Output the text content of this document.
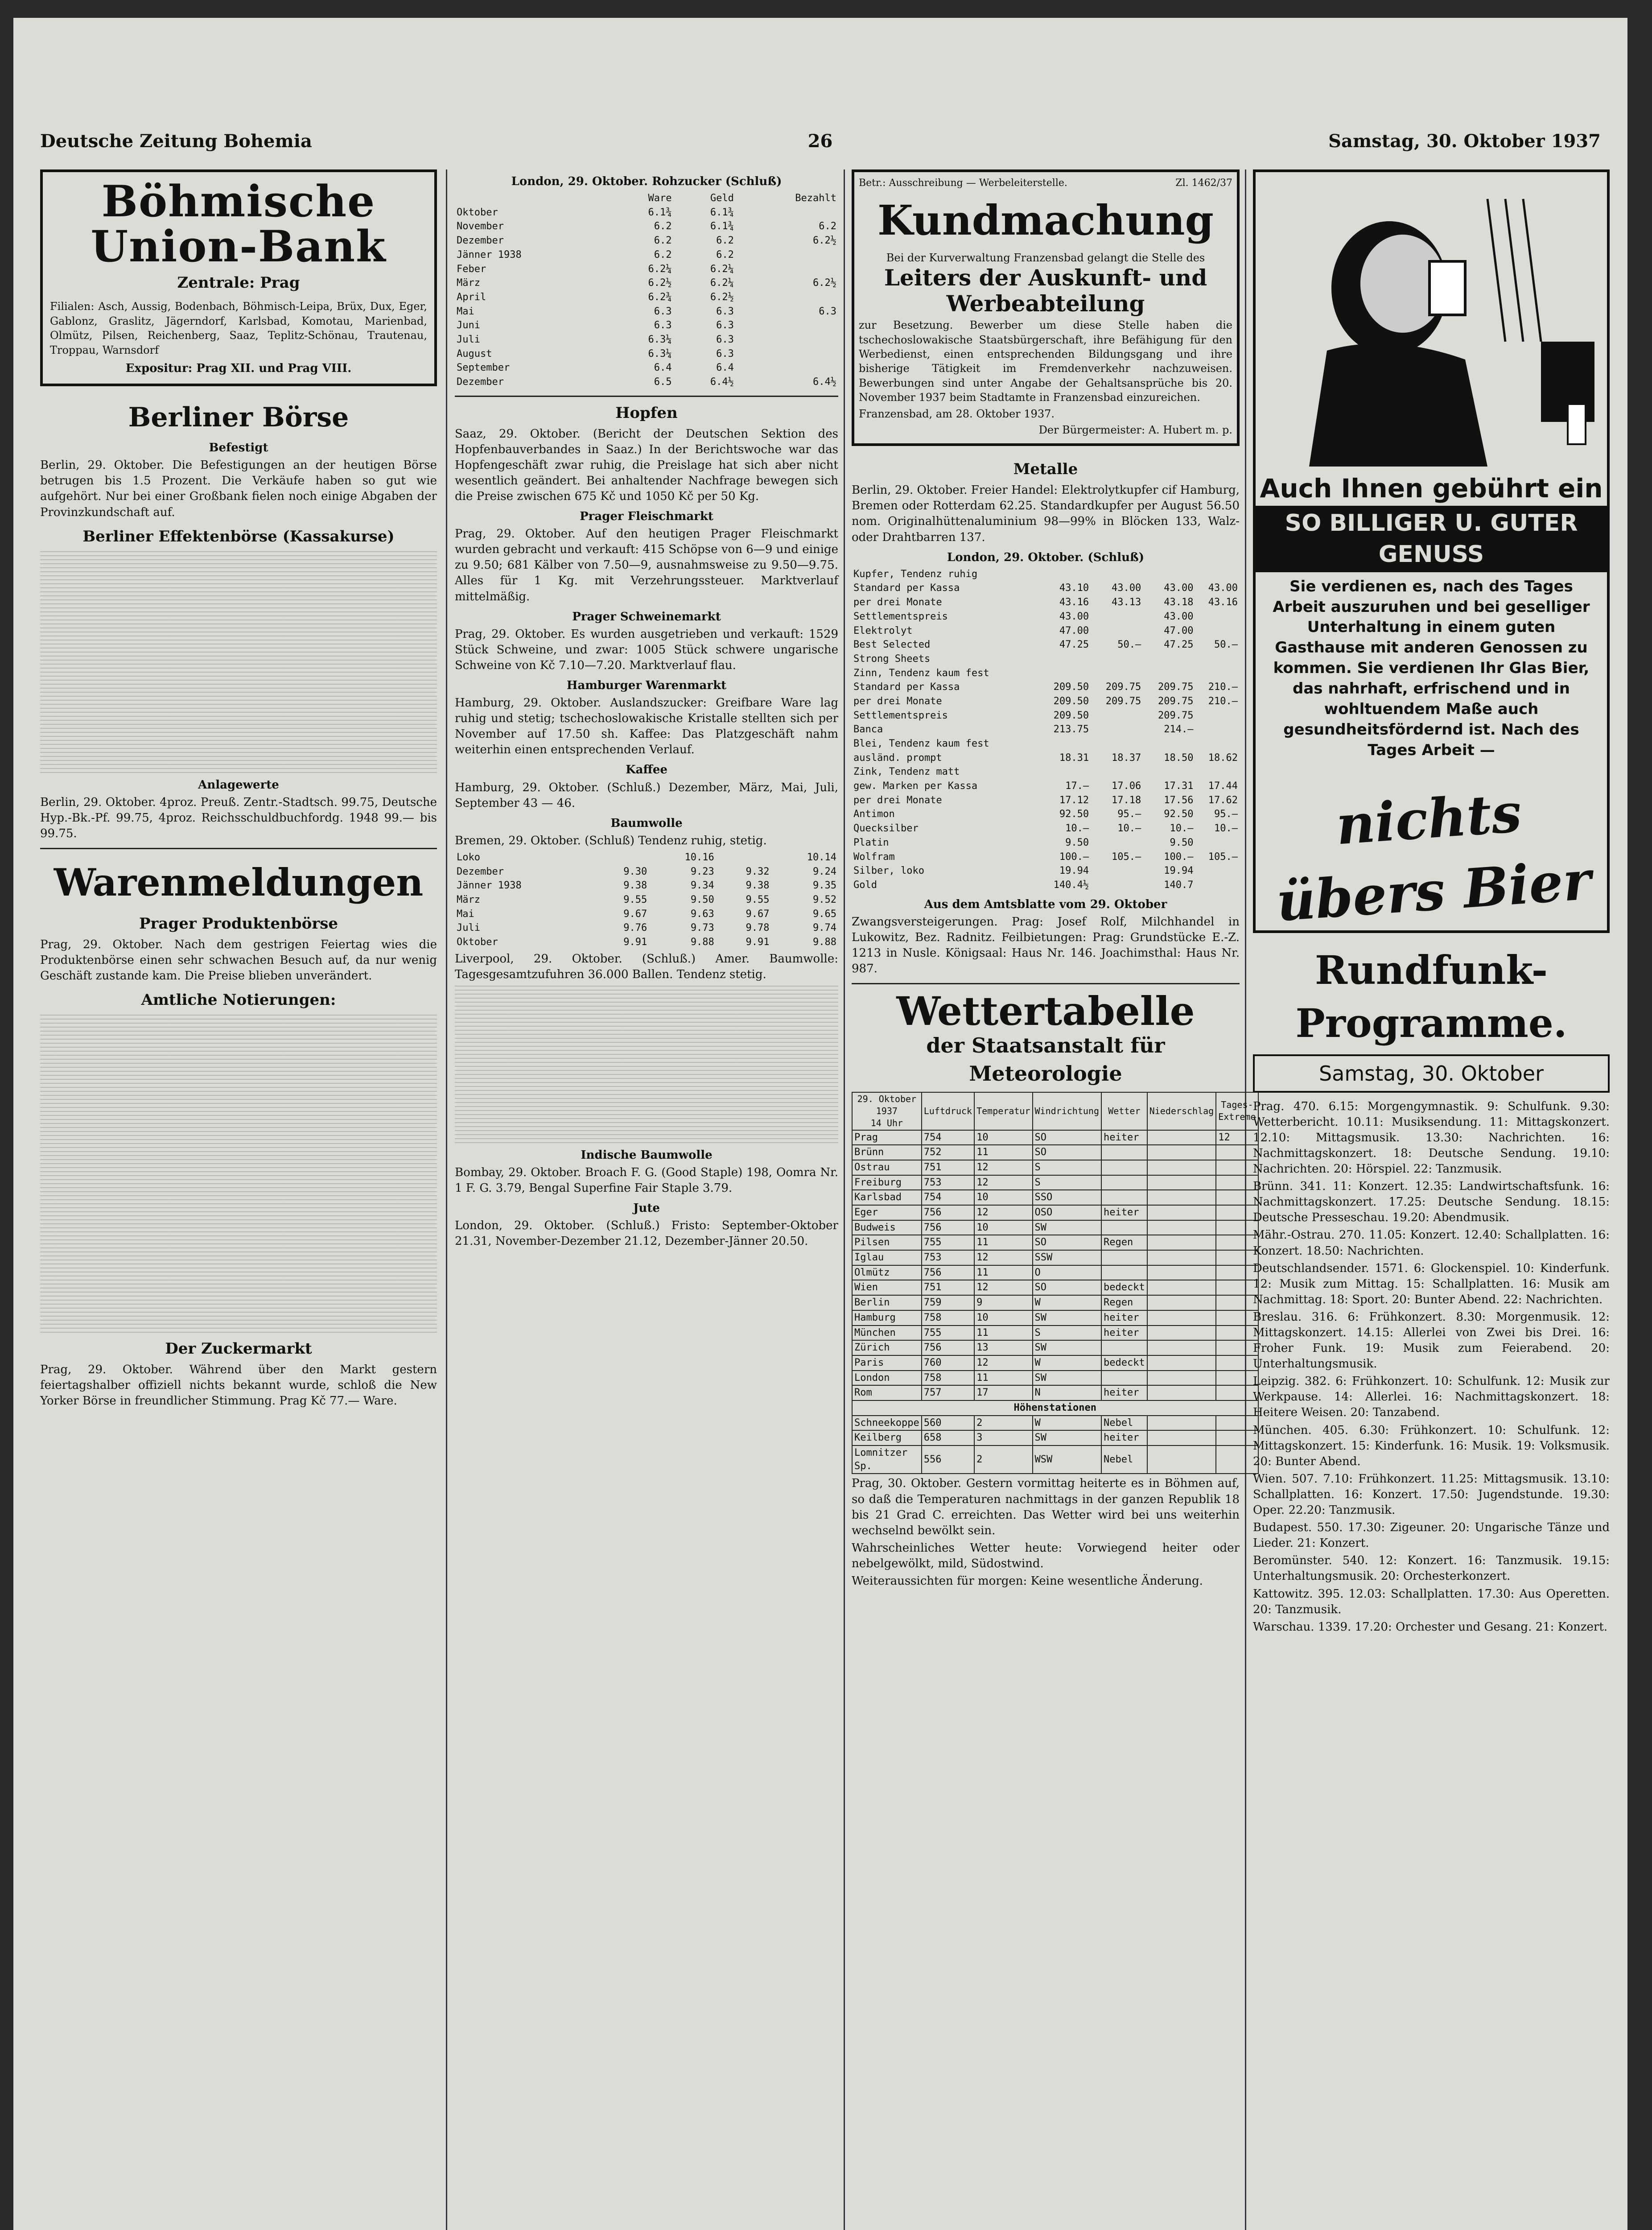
Deutsche Zeitung Bohemia	26	Samstag, 30. Oktober 1937
Böhmische Union-Bank
Zentrale: Prag
Filialen: Asch, Aussig, Bodenbach, Böhmisch-Leipa, Brüx, Dux, Eger, Gablonz, Graslitz, Jägerndorf, Karlsbad, Komotau, Marienbad, Olmütz, Pilsen, Reichenberg, Saaz, Teplitz-Schönau, Trautenau, Troppau, Warnsdorf
Expositur: Prag XII. und Prag VIII.
Berliner Börse
Befestigt

Berlin, 29. Oktober. Die Befestigungen an der heutigen Börse betrugen bis 1.5 Prozent. Die Verkäufe haben so gut wie aufgehört. Nur bei einer Großbank fielen noch einige Abgaben der Provinzkundschaft auf.

Berliner Effektenbörse (Kassakurse)
Anlagewerte

Berlin, 29. Oktober. 4proz. Preuß. Zentr.-Stadtsch. 99.75, Deutsche Hyp.-Bk.-Pf. 99.75, 4proz. Reichsschuldbuchfordg. 1948 99.— bis 99.75.

Warenmeldungen
Prager Produktenbörse

Prag, 29. Oktober. Nach dem gestrigen Feiertag wies die Produktenbörse einen sehr schwachen Besuch auf, da nur wenig Geschäft zustande kam. Die Preise blieben unverändert.

Amtliche Notierungen:
Der Zuckermarkt

Prag, 29. Oktober. Während über den Markt gestern feiertagshalber offiziell nichts bekannt wurde, schloß die New Yorker Börse in freundlicher Stimmung. Prag Kč 77.— Ware.

London, 29. Oktober. Rohzucker (Schluß)
	Ware	Geld	Bezahlt
Oktober	6.1¾	6.1¾	
November	6.2	6.1¾	6.2
Dezember	6.2	6.2	6.2½
Jänner 1938	6.2	6.2	
Feber	6.2¼	6.2¼	
März	6.2½	6.2¼	6.2½
April	6.2¾	6.2½	
Mai	6.3	6.3	6.3
Juni	6.3	6.3	
Juli	6.3¼	6.3	
August	6.3¼	6.3	
September	6.4	6.4	
Dezember	6.5	6.4½	6.4½
Hopfen

Saaz, 29. Oktober. (Bericht der Deutschen Sektion des Hopfenbauverbandes in Saaz.) In der Berichtswoche war das Hopfengeschäft zwar ruhig, die Preislage hat sich aber nicht wesentlich geändert. Bei anhaltender Nachfrage bewegen sich die Preise zwischen 675 Kč und 1050 Kč per 50 Kg.

Prager Fleischmarkt

Prag, 29. Oktober. Auf den heutigen Prager Fleischmarkt wurden gebracht und verkauft: 415 Schöpse von 6—9 und einige zu 9.50; 681 Kälber von 7.50—9, ausnahmsweise zu 9.50—9.75. Alles für 1 Kg. mit Verzehrungssteuer. Marktverlauf mittelmäßig.

Prager Schweinemarkt

Prag, 29. Oktober. Es wurden ausgetrieben und verkauft: 1529 Stück Schweine, und zwar: 1005 Stück schwere ungarische Schweine von Kč 7.10—7.20. Marktverlauf flau.

Hamburger Warenmarkt

Hamburg, 29. Oktober. Auslandszucker: Greifbare Ware lag ruhig und stetig; tschechoslowakische Kristalle stellten sich per November auf 17.50 sh. Kaffee: Das Platzgeschäft nahm weiterhin einen entsprechenden Verlauf.

Kaffee

Hamburg, 29. Oktober. (Schluß.) Dezember, März, Mai, Juli, September 43 — 46.

Baumwolle

Bremen, 29. Oktober. (Schluß) Tendenz ruhig, stetig.

Loko		10.16		10.14
Dezember	9.30	9.23	9.32	9.24
Jänner 1938	9.38	9.34	9.38	9.35
März	9.55	9.50	9.55	9.52
Mai	9.67	9.63	9.67	9.65
Juli	9.76	9.73	9.78	9.74
Oktober	9.91	9.88	9.91	9.88

Liverpool, 29. Oktober. (Schluß.) Amer. Baumwolle: Tagesgesamtzufuhren 36.000 Ballen. Tendenz stetig.

Indische Baumwolle

Bombay, 29. Oktober. Broach F. G. (Good Staple) 198, Oomra Nr. 1 F. G. 3.79, Bengal Superfine Fair Staple 3.79.

Jute

London, 29. Oktober. (Schluß.) Fristo: September-Oktober 21.31, November-Dezember 21.12, Dezember-Jänner 20.50.

Betr.: Ausschreibung — Werbeleiterstelle.	Zl. 1462/37
Kundmachung
Bei der Kurverwaltung Franzensbad gelangt die Stelle des
Leiters der Auskunft- und Werbeabteilung

zur Besetzung. Bewerber um diese Stelle haben die tschechoslowakische Staatsbürgerschaft, ihre Befähigung für den Werbedienst, einen entsprechenden Bildungsgang und ihre bisherige Tätigkeit im Fremdenverkehr nachzuweisen. Bewerbungen sind unter Angabe der Gehaltsansprüche bis 20. November 1937 beim Stadtamte in Franzensbad einzureichen.

Franzensbad, am 28. Oktober 1937.

Der Bürgermeister: A. Hubert m. p.

Metalle

Berlin, 29. Oktober. Freier Handel: Elektrolytkupfer cif Hamburg, Bremen oder Rotterdam 62.25. Standardkupfer per August 56.50 nom. Originalhüttenaluminium 98—99% in Blöcken 133, Walz- oder Drahtbarren 137.

London, 29. Oktober. (Schluß)
Kupfer, Tendenz ruhig				
Standard per Kassa	43.10	43.00	43.00	43.00
per drei Monate	43.16	43.13	43.18	43.16
Settlementspreis	43.00		43.00	
Elektrolyt	47.00		47.00	
Best Selected	47.25	50.—	47.25	50.—
Strong Sheets				
Zinn, Tendenz kaum fest				
Standard per Kassa	209.50	209.75	209.75	210.—
per drei Monate	209.50	209.75	209.75	210.—
Settlementspreis	209.50		209.75	
Banca	213.75		214.—	
Blei, Tendenz kaum fest				
ausländ. prompt	18.31	18.37	18.50	18.62
Zink, Tendenz matt				
gew. Marken per Kassa	17.—	17.06	17.31	17.44
per drei Monate	17.12	17.18	17.56	17.62
Antimon	92.50	95.—	92.50	95.—
Quecksilber	10.—	10.—	10.—	10.—
Platin	9.50		9.50	
Wolfram	100.—	105.—	100.—	105.—
Silber, loko	19.94		19.94	
Gold	140.4½		140.7	
Aus dem Amtsblatte vom 29. Oktober

Zwangsversteigerungen. Prag: Josef Rolf, Milchhandel in Lukowitz, Bez. Radnitz. Feilbietungen: Prag: Grundstücke E.-Z. 1213 in Nusle. Königsaal: Haus Nr. 146. Joachimsthal: Haus Nr. 987.

Wettertabelle
der Staatsanstalt für Meteorologie
29. Oktober 1937
14 Uhr	Luftdruck	Temperatur	Windrichtung	Wetter	Niederschlag	Tages-Extreme
Prag	754	10	SO	heiter		12
Brünn	752	11	SO			
Ostrau	751	12	S			
Freiburg	753	12	S			
Karlsbad	754	10	SSO			
Eger	756	12	OSO	heiter		
Budweis	756	10	SW			
Pilsen	755	11	SO	Regen		
Iglau	753	12	SSW			
Olmütz	756	11	O			
Wien	751	12	SO	bedeckt		
Berlin	759	9	W	Regen		
Hamburg	758	10	SW	heiter		
München	755	11	S	heiter		
Zürich	756	13	SW			
Paris	760	12	W	bedeckt		
London	758	11	SW			
Rom	757	17	N	heiter		
Höhenstationen						
Schneekoppe	560	2	W	Nebel		
Keilberg	658	3	SW	heiter		
Lomnitzer Sp.	556	2	WSW	Nebel		

Prag, 30. Oktober. Gestern vormittag heiterte es in Böhmen auf, so daß die Temperaturen nachmittags in der ganzen Republik 18 bis 21 Grad C. erreichten. Das Wetter wird bei uns weiterhin wechselnd bewölkt sein.

Wahrscheinliches Wetter heute: Vorwiegend heiter oder nebelgewölkt, mild, Südostwind.

Weiteraussichten für morgen: Keine wesentliche Änderung.

Auch Ihnen gebührt ein
SO BILLIGER U. GUTER GENUSS
Sie verdienen es, nach des Tages Arbeit auszuruhen und bei geselliger Unterhaltung in einem guten Gasthause mit anderen Genossen zu kommen. Sie verdienen Ihr Glas Bier, das nahrhaft, erfrischend und in wohltuendem Maße auch gesundheitsfördernd ist. Nach des Tages Arbeit —
nichts übers Bier
Rundfunk-Programme.
Samstag, 30. Oktober

Prag. 470. 6.15: Morgengymnastik. 9: Schulfunk. 9.30: Wetterbericht. 10.11: Musiksendung. 11: Mittagskonzert. 12.10: Mittagsmusik. 13.30: Nachrichten. 16: Nachmittagskonzert. 18: Deutsche Sendung. 19.10: Nachrichten. 20: Hörspiel. 22: Tanzmusik.

Brünn. 341. 11: Konzert. 12.35: Landwirtschaftsfunk. 16: Nachmittagskonzert. 17.25: Deutsche Sendung. 18.15: Deutsche Presseschau. 19.20: Abendmusik.

Mähr.-Ostrau. 270. 11.05: Konzert. 12.40: Schallplatten. 16: Konzert. 18.50: Nachrichten.

Deutschlandsender. 1571. 6: Glockenspiel. 10: Kinderfunk. 12: Musik zum Mittag. 15: Schallplatten. 16: Musik am Nachmittag. 18: Sport. 20: Bunter Abend. 22: Nachrichten.

Breslau. 316. 6: Frühkonzert. 8.30: Morgenmusik. 12: Mittagskonzert. 14.15: Allerlei von Zwei bis Drei. 16: Froher Funk. 19: Musik zum Feierabend. 20: Unterhaltungsmusik.

Leipzig. 382. 6: Frühkonzert. 10: Schulfunk. 12: Musik zur Werkpause. 14: Allerlei. 16: Nachmittagskonzert. 18: Heitere Weisen. 20: Tanzabend.

München. 405. 6.30: Frühkonzert. 10: Schulfunk. 12: Mittagskonzert. 15: Kinderfunk. 16: Musik. 19: Volksmusik. 20: Bunter Abend.

Wien. 507. 7.10: Frühkonzert. 11.25: Mittagsmusik. 13.10: Schallplatten. 16: Konzert. 17.50: Jugendstunde. 19.30: Oper. 22.20: Tanzmusik.

Budapest. 550. 17.30: Zigeuner. 20: Ungarische Tänze und Lieder. 21: Konzert.

Beromünster. 540. 12: Konzert. 16: Tanzmusik. 19.15: Unterhaltungsmusik. 20: Orchesterkonzert.

Kattowitz. 395. 12.03: Schallplatten. 17.30: Aus Operetten. 20: Tanzmusik.

Warschau. 1339. 17.20: Orchester und Gesang. 21: Konzert.
